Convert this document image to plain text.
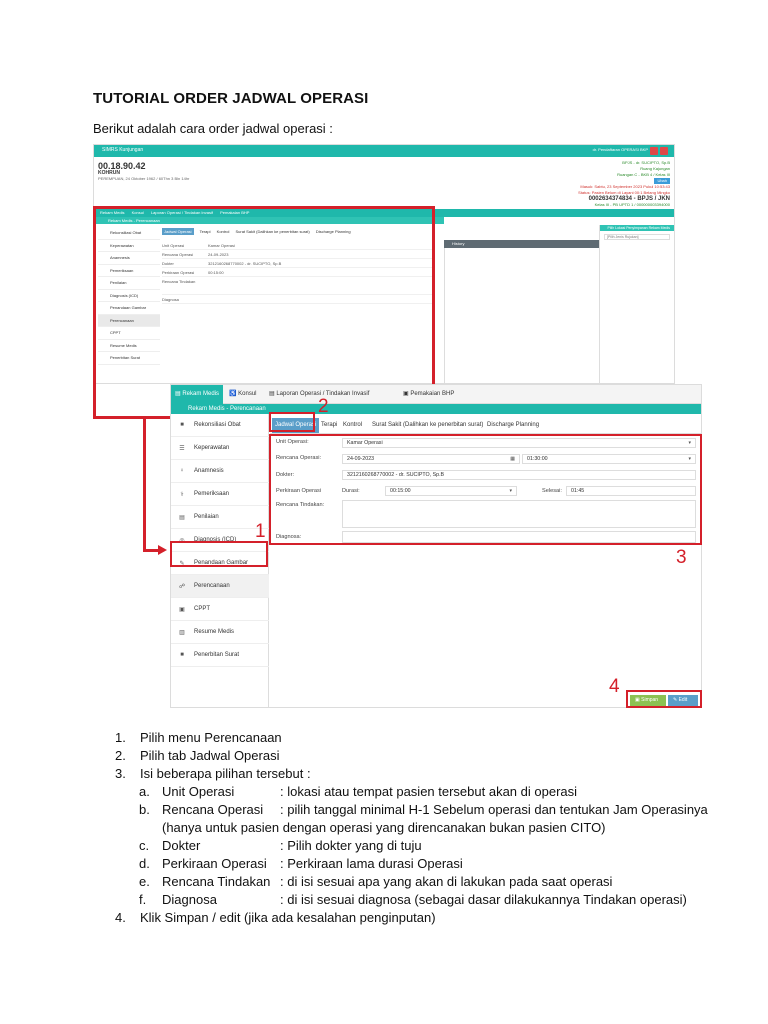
TUTORIAL ORDER JADWAL OPERASI
Berikut adalah cara order jadwal operasi :
SIMRS Kunjungan	dr. Pendaftaran OPERASI BKP
00.18.90.42
KOHRUN
PEREMPUAN, 24 Oktober 1962 / 60Thn 3 Bln 14hr
BPJS - dr. SUCIPTO, Sp.B
Ruang Kajungan
Ruangan C - BKB 4 / Kelas III
Ubah
Masuk: Sabtu, 23 September 2023 Pukul 10:53:43
Status: Pasien Belum di Layani 00:1 Belang Mingko
0002634374834 - BPJS / JKN
Kelas III - PB UPTD 1 / 000000003394000
Rekam Medis Konsul Laporan Operasi / Tindakan Invasif Pemakaian BHP
Rekam Medis - Perencanaan
Rekonsiliasi Obat
Keperawatan
Anamnesis
Pemeriksaan
Penilaian
Diagnosis (ICD)
Penandaan Gambar
Perencanaan
CPPT
Resume Medis
Penerbitan Surat
Jadwal Operasi Terapi Kontrol Surat Sakit (Dalihkan ke penerbitan surat) Discharge Planning
Unit Operasi	Kamar Operasi
Rencana Operasi	24-09-2023
Dokter	3212160268770002 - dr. SUCIPTO, Sp.B
Perkiraan Operasi	00:15:00
Rencana Tindakan
Diagnosa
History
Pilih Lokasi Penyimpanan Rekam Medis
[Pilih Jenis Rujukan]
▤ Rekam Medis	♿ Konsul ▤ Laporan Operasi / Tindakan Invasif	▣ Pemakaian BHP
Rekam Medis - Perencanaan
■	Rekonsiliasi Obat
☰	Keperawatan
♀	Anamnesis
⚕	Pemeriksaan
▤	Penilaian
◎	Diagnosis (ICD)
✎	Penandaan Gambar
☍	Perencanaan
▣	CPPT
▥	Resume Medis
■	Penerbitan Surat
Jadwal Operasi Terapi Kontrol Surat Sakit (Dalihkan ke penerbitan surat) Discharge Planning
Unit Operasi:	Kamar Operasi	▾
Rencana Operasi:	24-09-2023	▦	01:30:00	▾
Dokter:	3212160268770002 - dr. SUCIPTO, Sp.B
Perkiraan Operasi	Durasi:	00:15:00	▾	Selesai:	01:45
Rencana Tindakan:
Diagnosa:
▣ Simpan	✎ Edit
1
2
3
4
1. Pilih menu Perencanaan
2. Pilih tab Jadwal Operasi
3. Isi beberapa pilihan tersebut :
a. Unit Operasi	: lokasi atau tempat pasien tersebut akan di operasi
b. Rencana Operasi : pilih tanggal minimal H-1 Sebelum operasi dan tentukan Jam Operasinya (hanya untuk pasien dengan operasi yang direncanakan bukan pasien CITO)
c. Dokter	: Pilih dokter yang di tuju
d. Perkiraan Operasi : Perkiraan lama durasi Operasi
e. Rencana Tindakan : di isi sesuai apa yang akan di lakukan pada saat operasi
f. Diagnosa	: di isi sesuai diagnosa (sebagai dasar dilakukannya Tindakan operasi)
4. Klik Simpan / edit (jika ada kesalahan penginputan)
